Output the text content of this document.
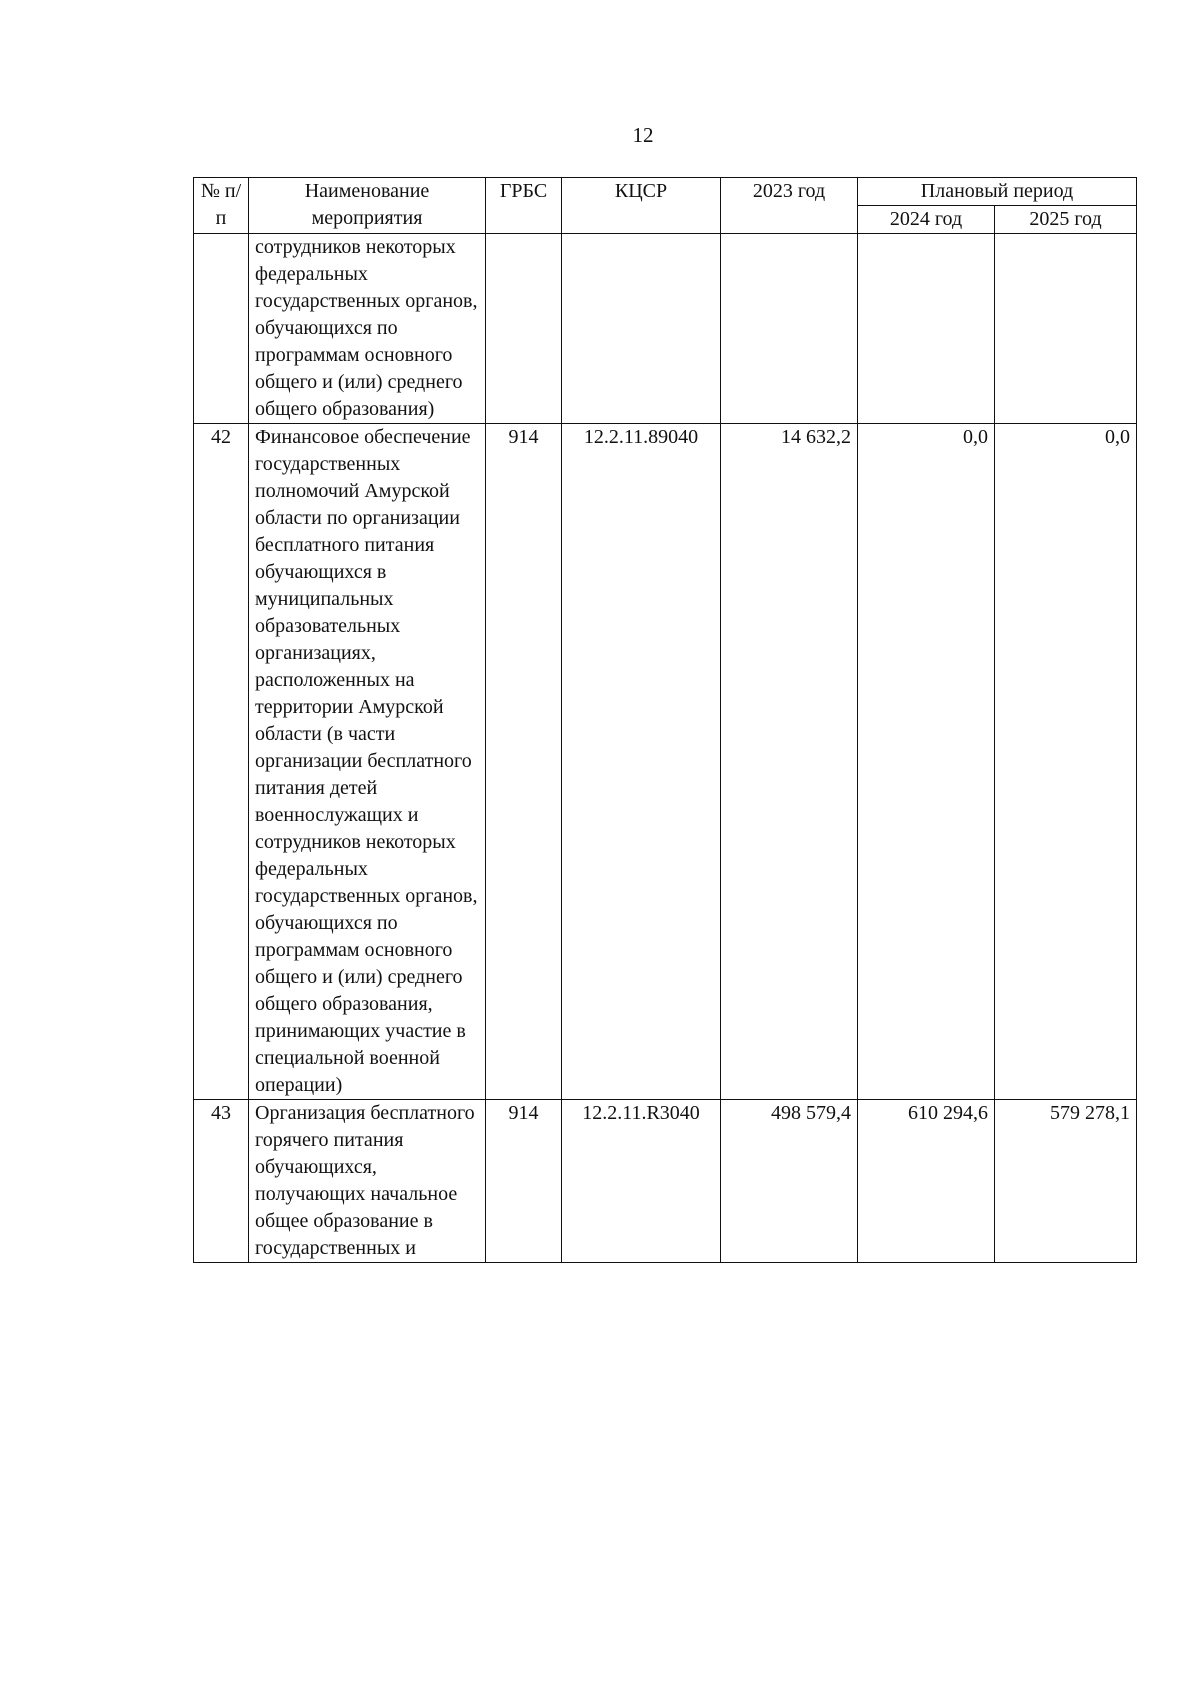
12
№ п/п	Наименование мероприятия	ГРБС	КЦСР	2023 год	Плановый период	
					2024 год	2025 год
	сотрудников некоторых федеральных государственных органов, обучающихся по программам основного общего и (или) среднего общего образования)					
42	Финансовое обеспечение государственных полномочий Амурской области по организации бесплатного питания обучающихся в муниципальных образовательных организациях, расположенных на территории Амурской области (в части организации бесплатного питания детей военнослужащих и сотрудников некоторых федеральных государственных органов, обучающихся по программам основного общего и (или) среднего общего образования, принимающих участие в специальной военной операции)	914	12.2.11.89040	14 632,2	0,0	0,0
43	Организация бесплатного горячего питания обучающихся, получающих начальное общее образование в государственных и	914	12.2.11.R3040	498 579,4	610 294,6	579 278,1
